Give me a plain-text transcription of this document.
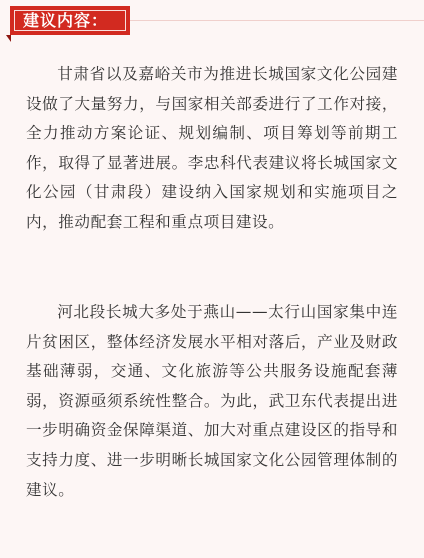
建议内容：

甘肃省以及嘉峪关市为推进长城国家文化公园建设做了大量努力，与国家相关部委进行了工作对接，全力推动方案论证、规划编制、项目筹划等前期工作，取得了显著进展。李忠科代表建议将长城国家文化公园（甘肃段）建设纳入国家规划和实施项目之内，推动配套工程和重点项目建设。

河北段长城大多处于燕山——太行山国家集中连片贫困区，整体经济发展水平相对落后，产业及财政基础薄弱，交通、文化旅游等公共服务设施配套薄弱，资源亟须系统性整合。为此，武卫东代表提出进一步明确资金保障渠道、加大对重点建设区的指导和支持力度、进一步明晰长城国家文化公园管理体制的建议。
